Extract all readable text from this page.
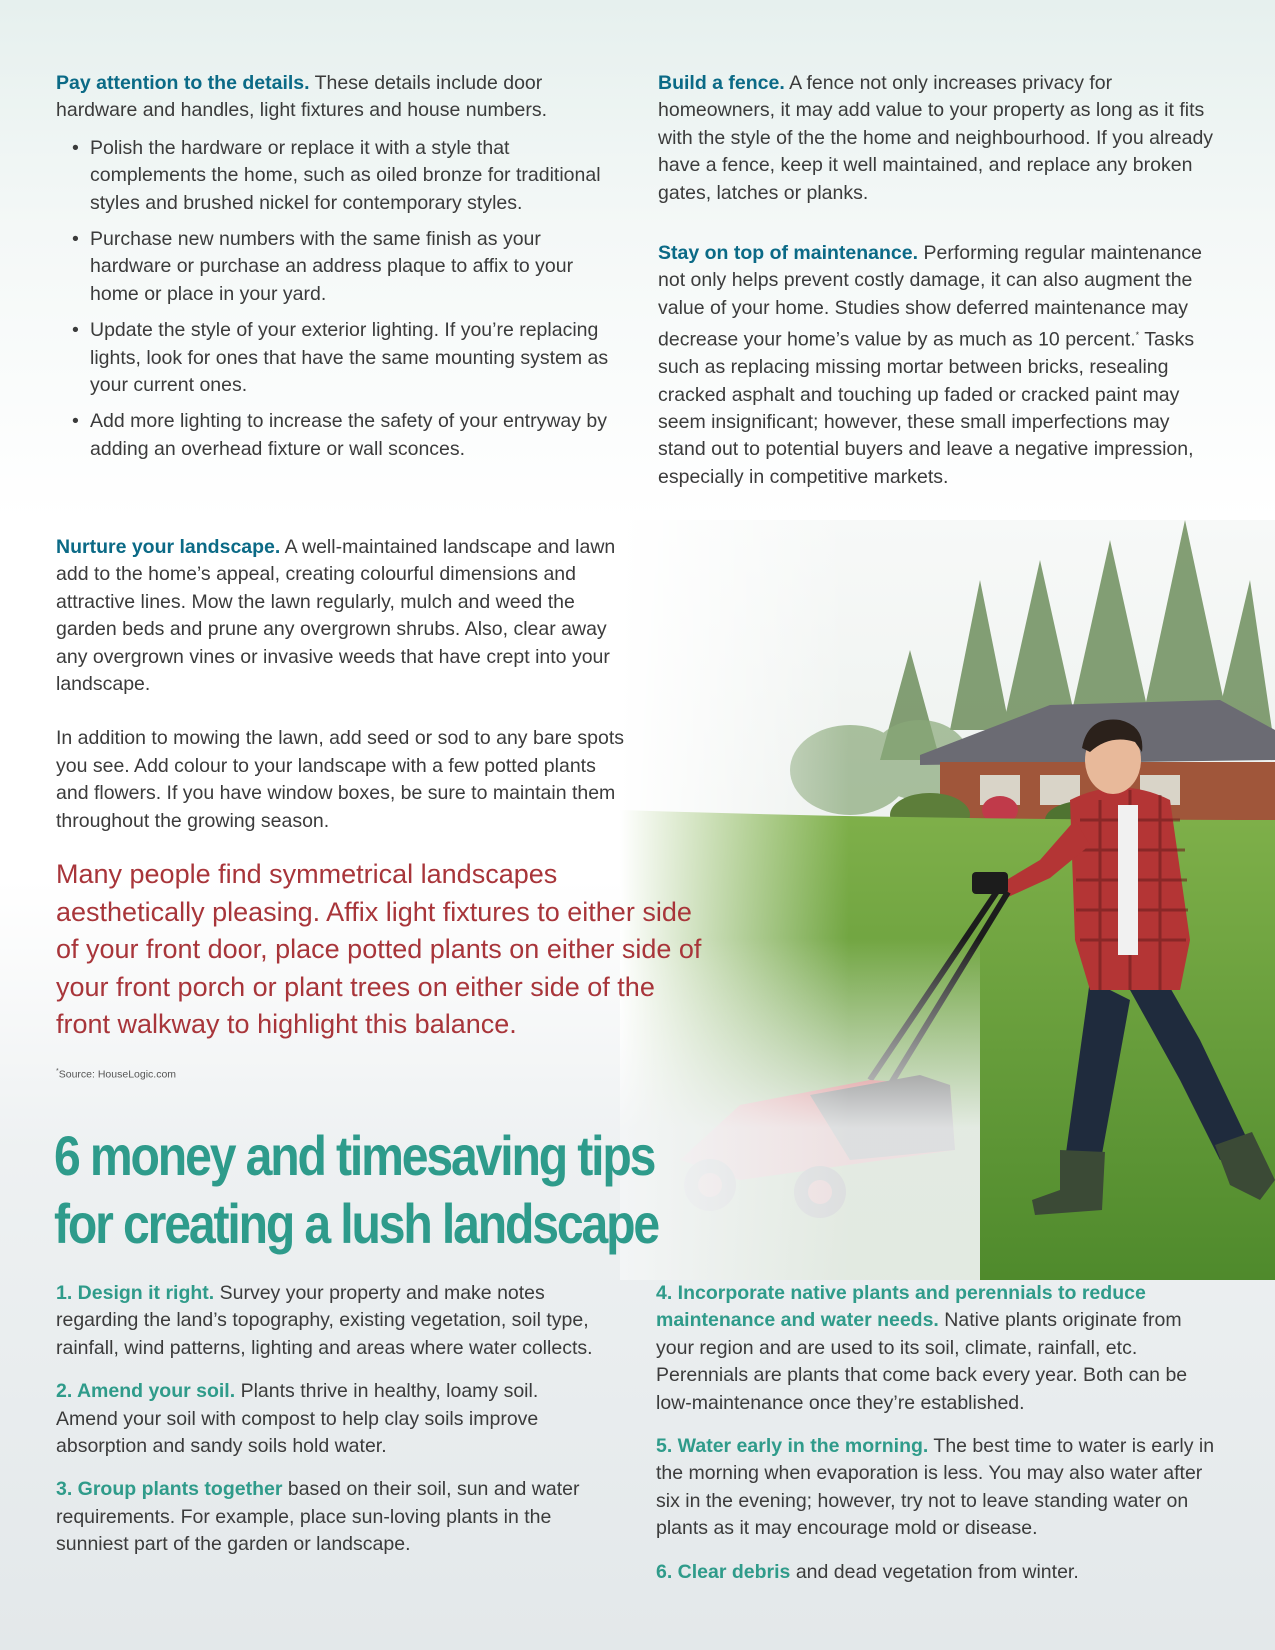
Pay attention to the details. These details include door hardware and handles, light fixtures and house numbers.

• Polish the hardware or replace it with a style that complements the home, such as oiled bronze for traditional styles and brushed nickel for contemporary styles.
• Purchase new numbers with the same finish as your hardware or purchase an address plaque to affix to your home or place in your yard.
• Update the style of your exterior lighting. If you’re replacing lights, look for ones that have the same mounting system as your current ones.
• Add more lighting to increase the safety of your entryway by adding an overhead fixture or wall sconces.

Build a fence. A fence not only increases privacy for homeowners, it may add value to your property as long as it fits with the style of the the home and neighbourhood. If you already have a fence, keep it well maintained, and replace any broken gates, latches or planks.

Stay on top of maintenance. Performing regular maintenance not only helps prevent costly damage, it can also augment the value of your home. Studies show deferred maintenance may decrease your home’s value by as much as 10 percent.* Tasks such as replacing missing mortar between bricks, resealing cracked asphalt and touching up faded or cracked paint may seem insignificant; however, these small imperfections may stand out to potential buyers and leave a negative impression, especially in competitive markets.

Nurture your landscape. A well-maintained landscape and lawn add to the home’s appeal, creating colourful dimensions and attractive lines. Mow the lawn regularly, mulch and weed the garden beds and prune any overgrown shrubs. Also, clear away any overgrown vines or invasive weeds that have crept into your landscape.

In addition to mowing the lawn, add seed or sod to any bare spots you see. Add colour to your landscape with a few potted plants and flowers. If you have window boxes, be sure to maintain them throughout the growing season.

Many people find symmetrical landscapes aesthetically pleasing. Affix light fixtures to either side of your front door, place potted plants on either side of your front porch or plant trees on either side of the front walkway to highlight this balance.

*Source: HouseLogic.com
6 money and timesaving tips
for creating a lush landscape

1. Design it right. Survey your property and make notes regarding the land’s topography, existing vegetation, soil type, rainfall, wind patterns, lighting and areas where water collects.

2. Amend your soil. Plants thrive in healthy, loamy soil. Amend your soil with compost to help clay soils improve absorption and sandy soils hold water.

3. Group plants together based on their soil, sun and water requirements. For example, place sun-loving plants in the sunniest part of the garden or landscape.

4. Incorporate native plants and perennials to reduce maintenance and water needs. Native plants originate from your region and are used to its soil, climate, rainfall, etc. Perennials are plants that come back every year. Both can be low-maintenance once they’re established.

5. Water early in the morning. The best time to water is early in the morning when evaporation is less. You may also water after six in the evening; however, try not to leave standing water on plants as it may encourage mold or disease.

6. Clear debris and dead vegetation from winter.
